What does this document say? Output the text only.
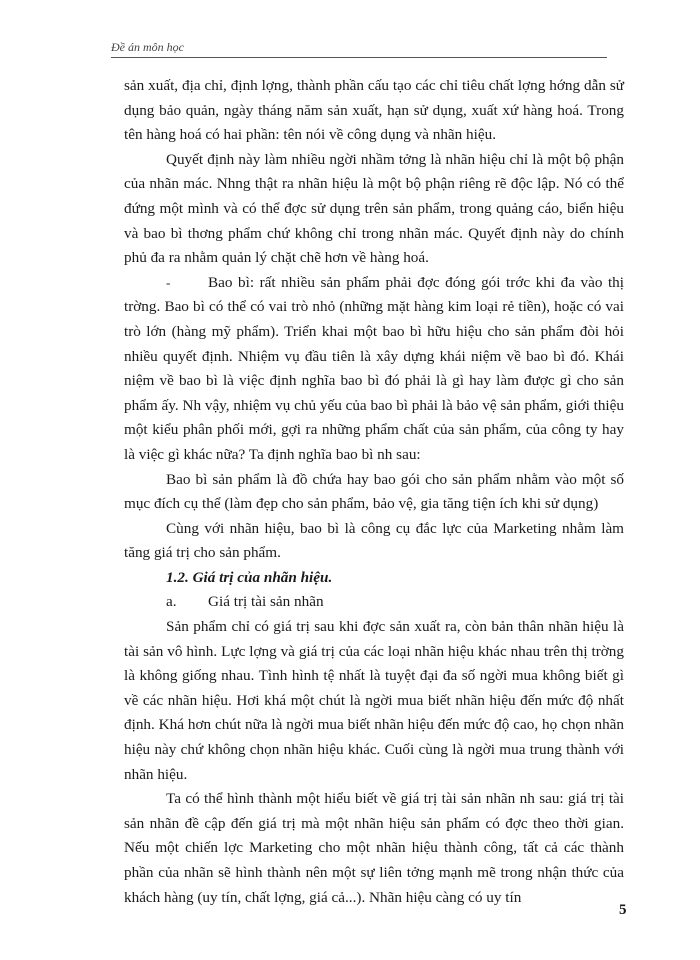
Đề án môn học

sản xuất, địa chỉ, định lợng, thành phần cấu tạo các chỉ tiêu chất lợng hớng dẫn sử dụng bảo quản, ngày tháng năm sản xuất, hạn sử dụng, xuất xứ hàng hoá. Trong tên hàng hoá có hai phần: tên nói về công dụng và nhãn hiệu.

Quyết định này làm nhiều ngời nhầm tởng là nhãn hiệu chỉ là một bộ phận của nhãn mác. Nhng thật ra nhãn hiệu là một bộ phận riêng rẽ độc lập. Nó có thể đứng một mình và có thể đợc sử dụng trên sản phẩm, trong quảng cáo, biển hiệu và bao bì thơng phẩm chứ không chỉ trong nhãn mác. Quyết định này do chính phủ đa ra nhằm quản lý chặt chẽ hơn về hàng hoá.

- Bao bì: rất nhiều sản phẩm phải đợc đóng gói trớc khi đa vào thị trờng. Bao bì có thể có vai trò nhỏ (những mặt hàng kim loại rẻ tiền), hoặc có vai trò lớn (hàng mỹ phẩm). Triển khai một bao bì hữu hiệu cho sản phẩm đòi hỏi nhiều quyết định. Nhiệm vụ đầu tiên là xây dựng khái niệm về bao bì đó. Khái niệm về bao bì là việc định nghĩa bao bì đó phải là gì hay làm được gì cho sản phẩm ấy. Nh vậy, nhiệm vụ chủ yếu của bao bì phải là bảo vệ sản phẩm, giới thiệu một kiểu phân phối mới, gợi ra những phẩm chất của sản phẩm, của công ty hay là việc gì khác nữa? Ta định nghĩa bao bì nh sau:

Bao bì sản phẩm là đồ chứa hay bao gói cho sản phẩm nhằm vào một số mục đích cụ thể (làm đẹp cho sản phẩm, bảo vệ, gia tăng tiện ích khi sử dụng)

Cùng với nhãn hiệu, bao bì là công cụ đắc lực của Marketing nhằm làm tăng giá trị cho sản phẩm.

1.2. Giá trị của nhãn hiệu.

a. Giá trị tài sản nhãn

Sản phẩm chỉ có giá trị sau khi đợc sản xuất ra, còn bản thân nhãn hiệu là tài sản vô hình. Lực lợng và giá trị của các loại nhãn hiệu khác nhau trên thị trờng là không giống nhau. Tình hình tệ nhất là tuyệt đại đa số ngời mua không biết gì về các nhãn hiệu. Hơi khá một chút là ngời mua biết nhãn hiệu đến mức độ nhất định. Khá hơn chút nữa là ngời mua biết nhãn hiệu đến mức độ cao, họ chọn nhãn hiệu này chứ không chọn nhãn hiệu khác. Cuối cùng là ngời mua trung thành với nhãn hiệu.

Ta có thể hình thành một hiểu biết về giá trị tài sản nhãn nh sau: giá trị tài sản nhãn đề cập đến giá trị mà một nhãn hiệu sản phẩm có đợc theo thời gian. Nếu một chiến lợc Marketing cho một nhãn hiệu thành công, tất cả các thành phần của nhãn sẽ hình thành nên một sự liên tởng mạnh mẽ trong nhận thức của khách hàng (uy tín, chất lợng, giá cả...). Nhãn hiệu càng có uy tín

5
